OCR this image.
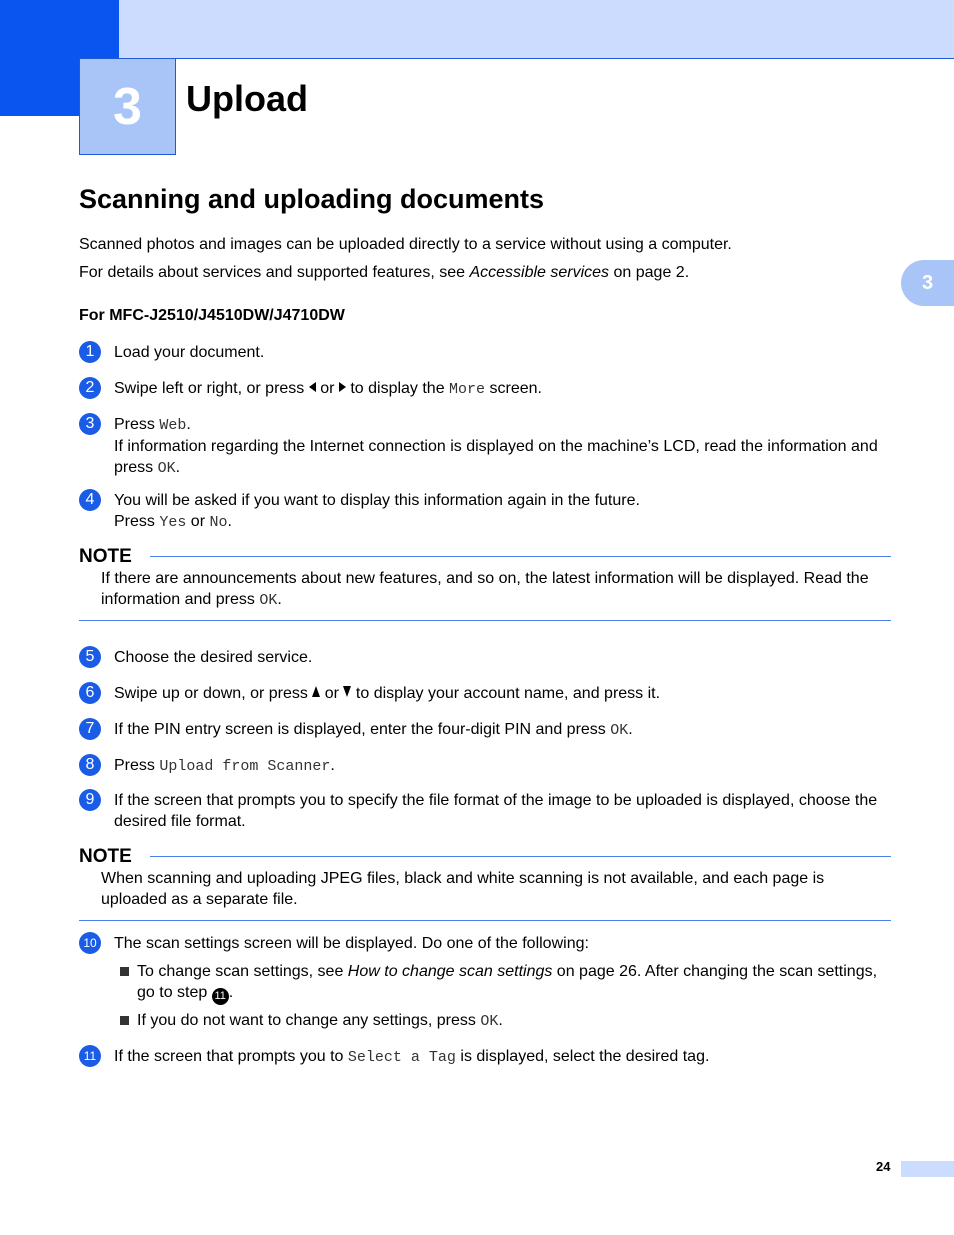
3 Upload
3
Scanning and uploading documents
Scanned photos and images can be uploaded directly to a service without using a computer.
For details about services and supported features, see Accessible services on page 2.
For MFC-J2510/J4510DW/J4710DW
1	Load your document.
2	Swipe left or right, or press  or  to display the More screen.
3	Press Web.
If information regarding the Internet connection is displayed on the machine’s LCD, read the information and press OK.
4	You will be asked if you want to display this information again in the future.
Press Yes or No.
NOTE
If there are announcements about new features, and so on, the latest information will be displayed. Read the information and press OK.
5	Choose the desired service.
6	Swipe up or down, or press  or  to display your account name, and press it.
7	If the PIN entry screen is displayed, enter the four-digit PIN and press OK.
8	Press Upload from Scanner.
9	If the screen that prompts you to specify the file format of the image to be uploaded is displayed, choose the desired file format.
NOTE
When scanning and uploading JPEG files, black and white scanning is not available, and each page is uploaded as a separate file.
10 The scan settings screen will be displayed. Do one of the following:
To change scan settings, see How to change scan settings on page 26. After changing the scan settings, go to step 11 .
If you do not want to change any settings, press OK.
11 If the screen that prompts you to Select a Tag is displayed, select the desired tag.
24
